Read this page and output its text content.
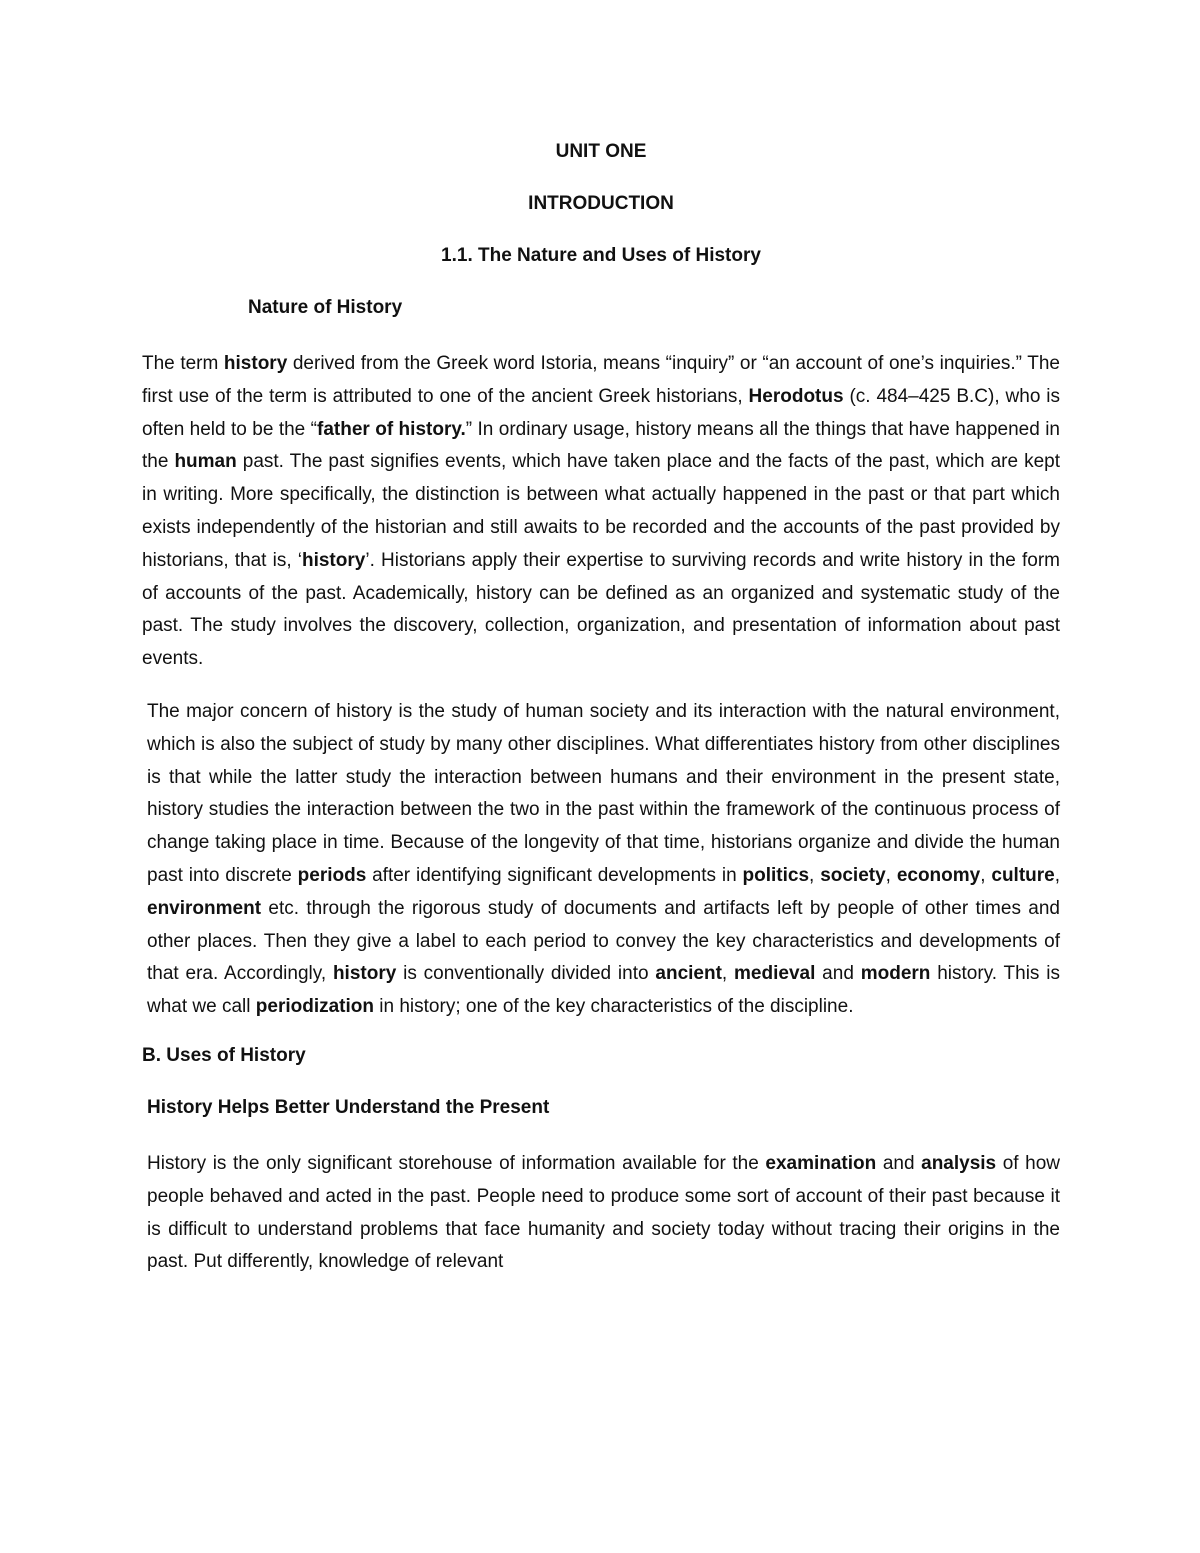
UNIT ONE
INTRODUCTION
1.1. The Nature and Uses of History
Nature of History

The term history derived from the Greek word Istoria, means “inquiry” or “an account of one’s inquiries.” The first use of the term is attributed to one of the ancient Greek historians, Herodotus (c. 484–425 B.C), who is often held to be the “father of history.” In ordinary usage, history means all the things that have happened in the human past. The past signifies events, which have taken place and the facts of the past, which are kept in writing. More specifically, the distinction is between what actually happened in the past or that part which exists independently of the historian and still awaits to be recorded and the accounts of the past provided by historians, that is, ‘history’. Historians apply their expertise to surviving records and write history in the form of accounts of the past. Academically, history can be defined as an organized and systematic study of the past. The study involves the discovery, collection, organization, and presentation of information about past events.

The major concern of history is the study of human society and its interaction with the natural environment, which is also the subject of study by many other disciplines. What differentiates history from other disciplines is that while the latter study the interaction between humans and their environment in the present state, history studies the interaction between the two in the past within the framework of the continuous process of change taking place in time. Because of the longevity of that time, historians organize and divide the human past into discrete periods after identifying significant developments in politics, society, economy, culture, environment etc. through the rigorous study of documents and artifacts left by people of other times and other places. Then they give a label to each period to convey the key characteristics and developments of that era. Accordingly, history is conventionally divided into ancient, medieval and modern history. This is what we call periodization in history; one of the key characteristics of the discipline.

B. Uses of History
History Helps Better Understand the Present

History is the only significant storehouse of information available for the examination and analysis of how people behaved and acted in the past. People need to produce some sort of account of their past because it is difficult to understand problems that face humanity and society today without tracing their origins in the past. Put differently, knowledge of relevant
